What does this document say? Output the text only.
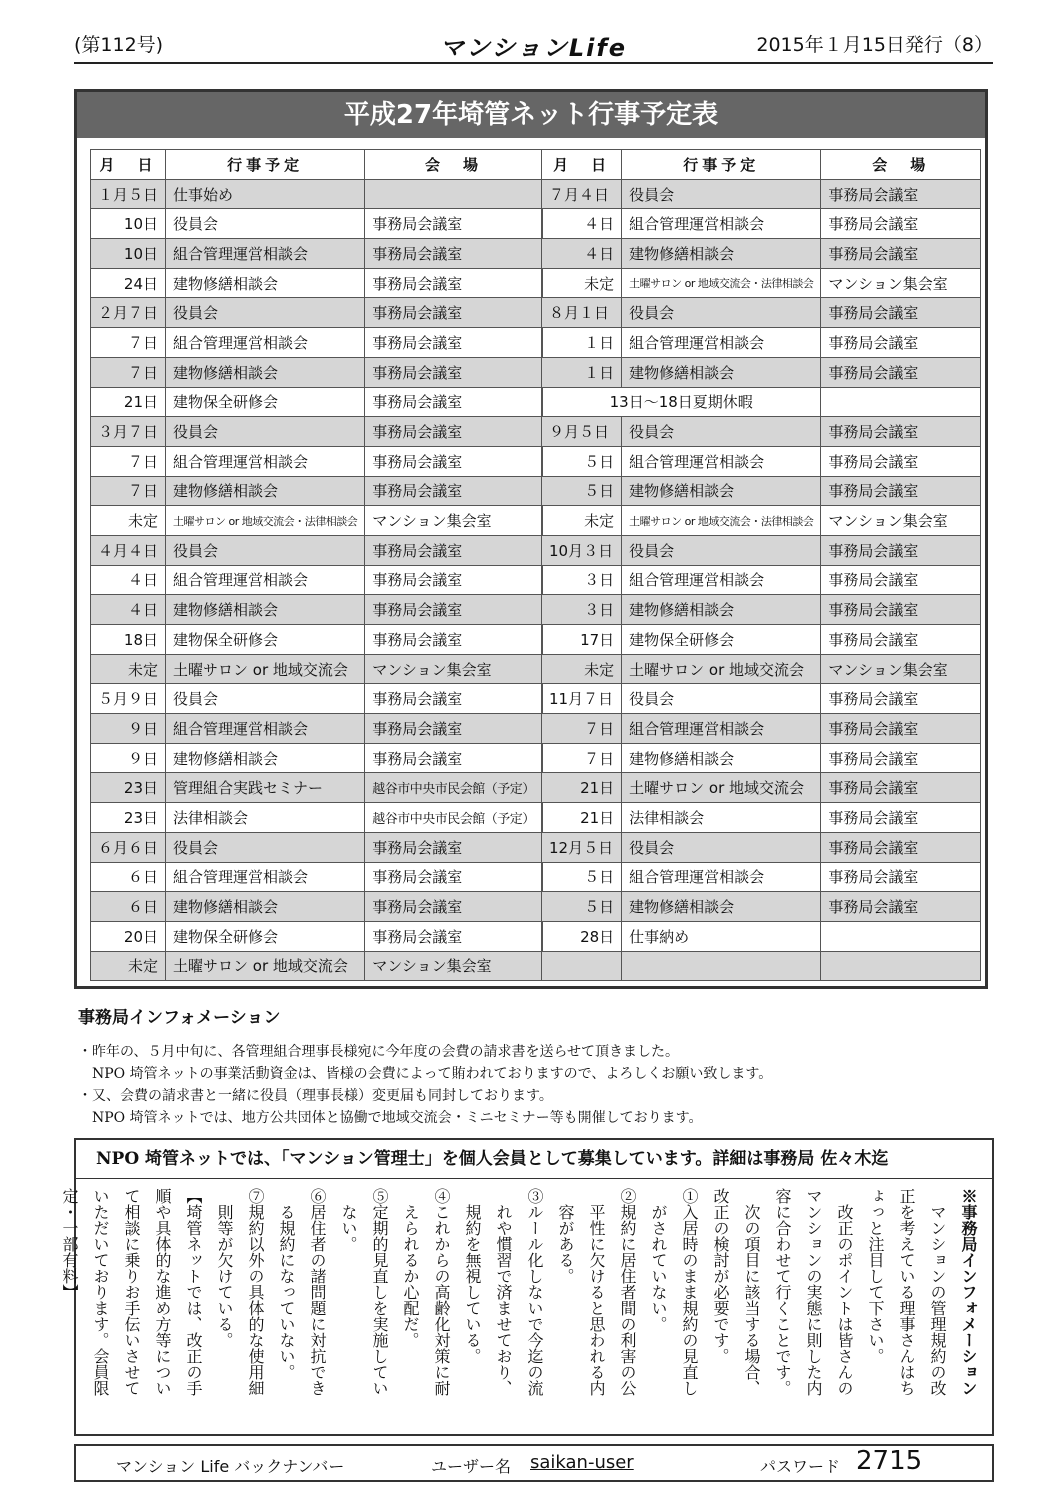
(第112号)	マンションLife	2015年１月15日発行（8）
平成27年埼管ネット行事予定表
月　日	行事予定	会　場
１月５日	仕事始め	
10日	役員会	事務局会議室
10日	組合管理運営相談会	事務局会議室
24日	建物修繕相談会	事務局会議室
２月７日	役員会	事務局会議室
７日	組合管理運営相談会	事務局会議室
７日	建物修繕相談会	事務局会議室
21日	建物保全研修会	事務局会議室
３月７日	役員会	事務局会議室
７日	組合管理運営相談会	事務局会議室
７日	建物修繕相談会	事務局会議室
未定	土曜サロン or 地域交流会・法律相談会	マンション集会室
４月４日	役員会	事務局会議室
４日	組合管理運営相談会	事務局会議室
４日	建物修繕相談会	事務局会議室
18日	建物保全研修会	事務局会議室
未定	土曜サロン or 地域交流会	マンション集会室
５月９日	役員会	事務局会議室
９日	組合管理運営相談会	事務局会議室
９日	建物修繕相談会	事務局会議室
23日	管理組合実践セミナー	越谷市中央市民会館（予定）
23日	法律相談会	越谷市中央市民会館（予定）
６月６日	役員会	事務局会議室
６日	組合管理運営相談会	事務局会議室
６日	建物修繕相談会	事務局会議室
20日	建物保全研修会	事務局会議室
未定	土曜サロン or 地域交流会	マンション集会室
月　日	行事予定	会　場
７月４日	役員会	事務局会議室
４日	組合管理運営相談会	事務局会議室
４日	建物修繕相談会	事務局会議室
未定	土曜サロン or 地域交流会・法律相談会	マンション集会室
８月１日	役員会	事務局会議室
１日	組合管理運営相談会	事務局会議室
１日	建物修繕相談会	事務局会議室
13日～18日夏期休暇		
９月５日	役員会	事務局会議室
５日	組合管理運営相談会	事務局会議室
５日	建物修繕相談会	事務局会議室
未定	土曜サロン or 地域交流会・法律相談会	マンション集会室
10月３日	役員会	事務局会議室
３日	組合管理運営相談会	事務局会議室
３日	建物修繕相談会	事務局会議室
17日	建物保全研修会	事務局会議室
未定	土曜サロン or 地域交流会	マンション集会室
11月７日	役員会	事務局会議室
７日	組合管理運営相談会	事務局会議室
７日	建物修繕相談会	事務局会議室
21日	土曜サロン or 地域交流会	事務局会議室
21日	法律相談会	事務局会議室
12月５日	役員会	事務局会議室
５日	組合管理運営相談会	事務局会議室
５日	建物修繕相談会	事務局会議室
28日	仕事納め	

事務局インフォメーション
・昨年の、５月中旬に、各管理組合理事長様宛に今年度の会費の請求書を送らせて頂きました。
　NPO 埼管ネットの事業活動資金は、皆様の会費によって賄われておりますので、よろしくお願い致します。
・又、会費の請求書と一緒に役員（理事長様）変更届も同封しております。
　NPO 埼管ネットでは、地方公共団体と協働で地域交流会・ミニセミナー等も開催しております。
NPO 埼管ネットでは、「マンション管理士」を個人会員として募集しています。詳細は事務局 佐々木迄
※事務局インフォメーション
　マンションの管理規約の改
正を考えている理事さんはち
ょっと注目して下さい。
　改正のポイントは皆さんの
マンションの実態に則した内
容に合わせて行くことです。
　次の項目に該当する場合、
改正の検討が必要です。
①入居時のまま規約の見直し
　がされていない。
②規約に居住者間の利害の公
　平性に欠けると思われる内
　容がある。
③ルール化しないで今迄の流
　れや慣習で済ませており、
　規約を無視している。
④これからの高齢化対策に耐
　えられるか心配だ。
⑤定期的見直しを実施してい
　ない。
⑥居住者の諸問題に対抗でき
　る規約になっていない。
⑦規約以外の具体的な使用細
　則等が欠けている。
【埼管ネットでは、改正の手
順や具体的な進め方等につい
て相談に乗りお手伝いさせて
いただいております。会員限
定・一部有料】
マンション Life バックナンバー	ユーザー名 saikan-user	パスワード 2715
